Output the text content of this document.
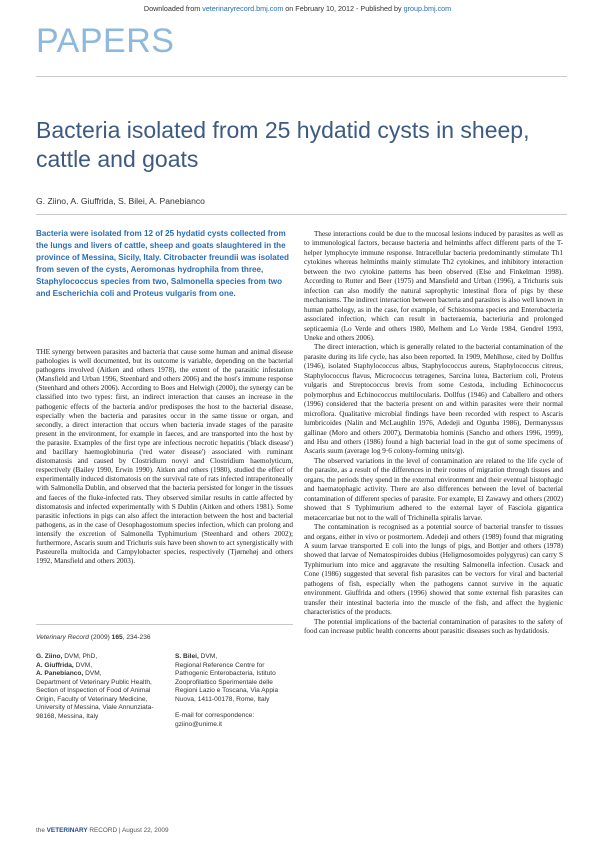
Downloaded from veterinaryrecord.bmj.com on February 10, 2012 - Published by group.bmj.com
PAPERS
Bacteria isolated from 25 hydatid cysts in sheep, cattle and goats
G. Ziino, A. Giuffrida, S. Bilei, A. Panebianco

Bacteria were isolated from 12 of 25 hydatid cysts collected from the lungs and livers of cattle, sheep and goats slaughtered in the province of Messina, Sicily, Italy. Citrobacter freundii was isolated from seven of the cysts, Aeromonas hydrophila from three, Staphylococcus species from two, Salmonella species from two and Escherichia coli and Proteus vulgaris from one.

THE synergy between parasites and bacteria that cause some human and animal disease pathologies is well documented, but its outcome is variable, depending on the bacterial pathogens involved (Aitken and others 1978), the extent of the parasitic infestation (Mansfield and Urban 1996, Steenhard and others 2006) and the host's immune response (Steenhard and others 2006). According to Boes and Helwigh (2000), the synergy can be classified into two types: first, an indirect interaction that causes an increase in the pathogenic effects of the bacteria and/or predisposes the host to the bacterial disease, especially when the bacteria and parasites occur in the same tissue or organ, and secondly, a direct interaction that occurs when bacteria invade stages of the parasite present in the environment, for example in faeces, and are transported into the host by the parasite. Examples of the first type are infectious necrotic hepatitis ('black disease') and bacillary haemoglobinuria ('red water disease') associated with ruminant distomatosis and caused by Clostridium novyi and Clostridium haemolyticum, respectively (Bailey 1990, Erwin 1990). Aitken and others (1980), studied the effect of experimentally induced distomatosis on the survival rate of rats infected intraperitoneally with Salmonella Dublin, and observed that the bacteria persisted for longer in the tissues and faeces of the fluke-infected rats. They observed similar results in cattle affected by distomatosis and infected experimentally with S Dublin (Aitken and others 1981). Some parasitic infections in pigs can also affect the interaction between the host and bacterial pathogens, as in the case of Oesophagostomum species infection, which can prolong and intensify the excretion of Salmonella Typhimurium (Steenhard and others 2002); furthermore, Ascaris suum and Trichuris suis have been shown to act synergistically with Pasteurella multocida and Campylobacter species, respectively (Tjørnehøj and others 1992, Mansfield and others 2003).

Veterinary Record (2009) 165, 234-236

G. Ziino, DVM, PhD,

A. Giuffrida, DVM,

A. Panebianco, DVM,

Department of Veterinary Public Health, Section of Inspection of Food of Animal Origin, Faculty of Veterinary Medicine, University of Messina, Viale Annunziata-98168, Messina, Italy

S. Bilei, DVM,

Regional Reference Centre for Pathogenic Enterobacteria, Istituto Zooprofilattico Sperimentale delle Regioni Lazio e Toscana, Via Appia Nuova, 1411-00178, Rome, Italy

E-mail for correspondence: gziino@unime.it

These interactions could be due to the mucosal lesions induced by parasites as well as to immunological factors, because bacteria and helminths affect different parts of the T-helper lymphocyte immune response. Intracellular bacteria predominantly stimulate Th1 cytokines whereas helminths mainly stimulate Th2 cytokines, and inhibitory interaction between the two cytokine patterns has been observed (Else and Finkelman 1998). According to Rutter and Beer (1975) and Mansfield and Urban (1996), a Trichuris suis infection can also modify the natural saprophytic intestinal flora of pigs by these mechanisms. The indirect interaction between bacteria and parasites is also well known in human pathology, as in the case, for example, of Schistosoma species and Enterobacteria associated infection, which can result in bacteraemia, bacteriuria and prolonged septicaemia (Lo Verde and others 1980, Melhem and Lo Verde 1984, Gendrel 1993, Uneke and others 2006).

The direct interaction, which is generally related to the bacterial contamination of the parasite during its life cycle, has also been reported. In 1909, Mehlhose, cited by Dollfus (1946), isolated Staphylococcus albus, Staphylococcus aureus, Staphylococcus citreus, Staphylococcus flavus, Micrococcus tetragenes, Sarcina lutea, Bacterium coli, Proteus vulgaris and Streptococcus brevis from some Cestoda, including Echinococcus polymorphus and Echinococcus multilocularis. Dollfus (1946) and Caballero and others (1996) considered that the bacteria present on and within parasites were their normal microflora. Qualitative microbial findings have been recorded with respect to Ascaris lumbricoides (Nalin and McLaughlin 1976, Adedeji and Ogunba 1986), Dermanyssus gallinae (Moro and others 2007), Dermatobia hominis (Sancho and others 1996, 1999), and Hsu and others (1986) found a high bacterial load in the gut of some specimens of Ascaris suum (average log 9·6 colony-forming units/g).

The observed variations in the level of contamination are related to the life cycle of the parasite, as a result of the differences in their routes of migration through tissues and organs, the periods they spend in the external environment and their eventual histophagic and haematophagic activity. There are also differences between the level of bacterial contamination of different species of parasite. For example, El Zawawy and others (2002) showed that S Typhimurium adhered to the external layer of Fasciola gigantica metacercariae but not to the wall of Trichinella spiralis larvae.

The contamination is recognised as a potential source of bacterial transfer to tissues and organs, either in vivo or postmortem. Adedeji and others (1989) found that migrating A suum larvae transported E coli into the lungs of pigs, and Bottjer and others (1978) showed that larvae of Nematospiroides dubius (Heligmosomoides polygyrus) can carry S Typhimurium into mice and aggravate the resulting Salmonella infection. Cusack and Cone (1986) suggested that several fish parasites can be vectors for viral and bacterial pathogens of fish, especially when the pathogens cannot survive in the aquatic environment. Giuffrida and others (1996) showed that some external fish parasites can transfer their intestinal bacteria into the muscle of the fish, and affect the hygienic characteristics of the products.

The potential implications of the bacterial contamination of parasites to the safety of food can increase public health concerns about parasitic diseases such as hydatidosis.

the VETERINARY RECORD | August 22, 2009
